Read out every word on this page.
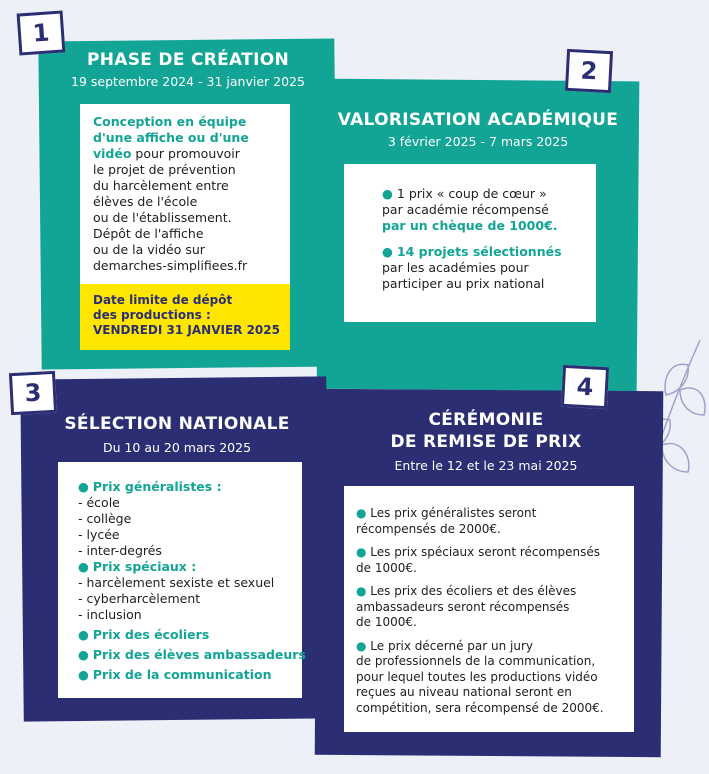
1
PHASE DE CRÉATION
19 septembre 2024 - 31 janvier 2025
Conception en équipe
d'une affiche ou d'une
vidéo pour promouvoir
le projet de prévention
du harcèlement entre
élèves de l'école
ou de l'établissement.
Dépôt de l'affiche
ou de la vidéo sur
demarches-simplifiees.fr
Date limite de dépôt
des productions :
VENDREDI 31 JANVIER 2025
2
VALORISATION ACADÉMIQUE
3 février 2025 - 7 mars 2025
● 1 prix « coup de cœur »
par académie récompensé
par un chèque de 1000€.
● 14 projets sélectionnés
par les académies pour
participer au prix national
3
SÉLECTION NATIONALE
Du 10 au 20 mars 2025
● Prix généralistes :
- école
- collège
- lycée
- inter-degrés
● Prix spéciaux :
- harcèlement sexiste et sexuel
- cyberharcèlement
- inclusion
● Prix des écoliers
● Prix des élèves ambassadeurs
● Prix de la communication
4
CÉRÉMONIE
DE REMISE DE PRIX
Entre le 12 et le 23 mai 2025
● Les prix généralistes seront
récompensés de 2000€.
● Les prix spéciaux seront récompensés
de 1000€.
● Les prix des écoliers et des élèves
ambassadeurs seront récompensés
de 1000€.
● Le prix décerné par un jury
de professionnels de la communication,
pour lequel toutes les productions vidéo
reçues au niveau national seront en
compétition, sera récompensé de 2000€.
